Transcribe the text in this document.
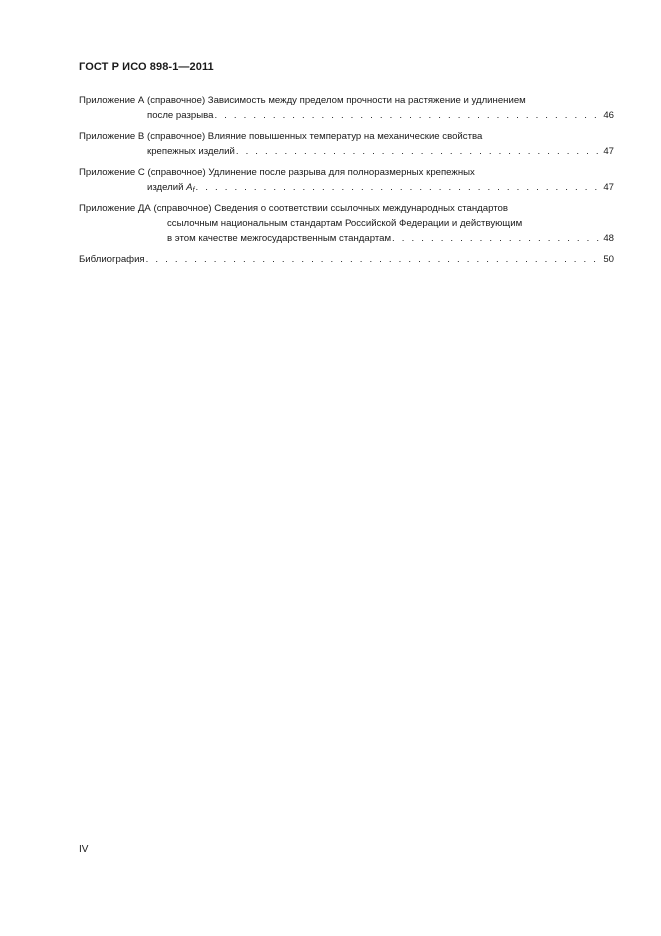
ГОСТ Р ИСО 898-1—2011
Приложение А (справочное) Зависимость между пределом прочности на растяжение и удлинением
после разрыва . . .	46
Приложение В (справочное) Влияние повышенных температур на механические свойства
крепежных изделий . . .	47
Приложение С (справочное) Удлинение после разрыва для полноразмерных крепежных
изделий $A_f$ . . .	47
Приложение ДА (справочное) Сведения о соответствии ссылочных международных стандартов
ссылочным национальным стандартам Российской Федерации и действующим
в этом качестве межгосударственным стандартам . . .	48
Библиография . . .	50
IV
